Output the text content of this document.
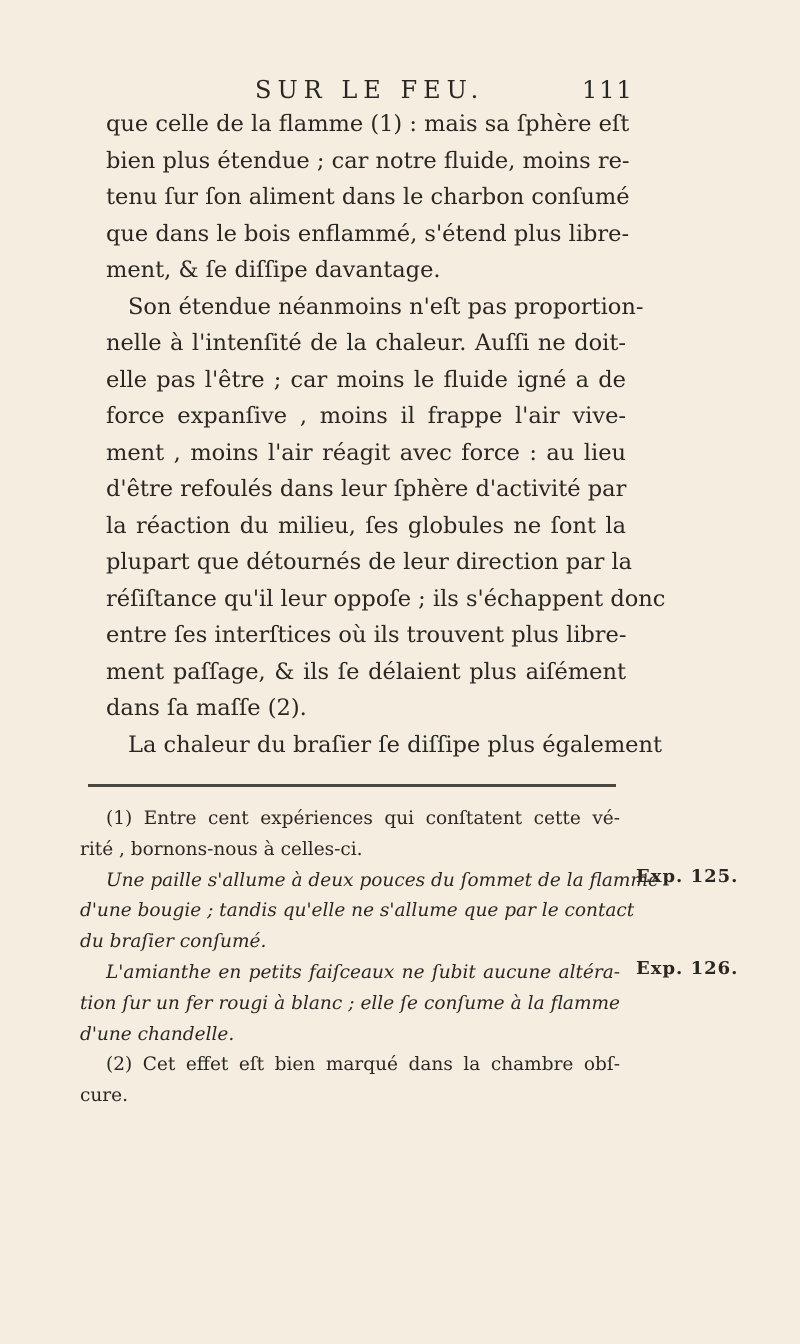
SUR LE FEU.	111
que celle de la flamme (1) : mais sa ſphère eſt
bien plus étendue ; car notre fluide, moins re-
tenu ſur ſon aliment dans le charbon conſumé
que dans le bois enflammé, s'étend plus libre-
ment, & ſe diſſipe davantage.
Son étendue néanmoins n'eſt pas proportion-
nelle à l'intenſité de la chaleur. Auſſi ne doit-
elle pas l'être ; car moins le fluide igné a de
force expanſive , moins il frappe l'air vive-
ment , moins l'air réagit avec force : au lieu
d'être refoulés dans leur ſphère d'activité par
la réaction du milieu, ſes globules ne ſont la
plupart que détournés de leur direction par la
réſiſtance qu'il leur oppoſe ; ils s'échappent donc
entre ſes interſtices où ils trouvent plus libre-
ment paſſage, & ils ſe délaient plus aiſément
dans ſa maſſe (2).
La chaleur du braſier ſe diſſipe plus également
(1) Entre cent expériences qui conſtatent cette vé-
rité , bornons-nous à celles-ci.
Une paille s'allume à deux pouces du ſommet de la flamme
d'une bougie ; tandis qu'elle ne s'allume que par le contact
du braſier conſumé.
L'amianthe en petits faiſceaux ne ſubit aucune altéra-
tion ſur un fer rougi à blanc ; elle ſe conſume à la flamme
d'une chandelle.
(2) Cet effet eſt bien marqué dans la chambre obſ-
cure.
Exp. 125.
Exp. 126.
